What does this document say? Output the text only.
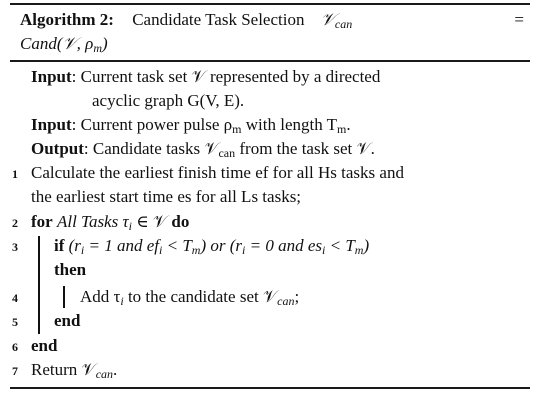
Algorithm 2: Candidate Task Selection 𝒱$_{can}$	=
Cand(𝒱, $\rho_m$)
Input: Current task set 𝒱 represented by a directed
acyclic graph G(V, E).
Input: Current power pulse $\rho_m$ with length $T_m$.
Output: Candidate tasks 𝒱$_{can}$ from the task set 𝒱.
1 Calculate the earliest finish time ef for all Hs tasks and
the earliest start time es for all Ls tasks;
2 for All Tasks $\tau_i$ ∈ 𝒱 do
3	if ($r_i = 1$ and $ef_i < T_m$) or ($r_i = 0$ and $es_i < T_m$)
then
4	Add $\tau_i$ to the candidate set 𝒱$_{can}$;
5	end
6 end
7 Return 𝒱$_{can}$.
